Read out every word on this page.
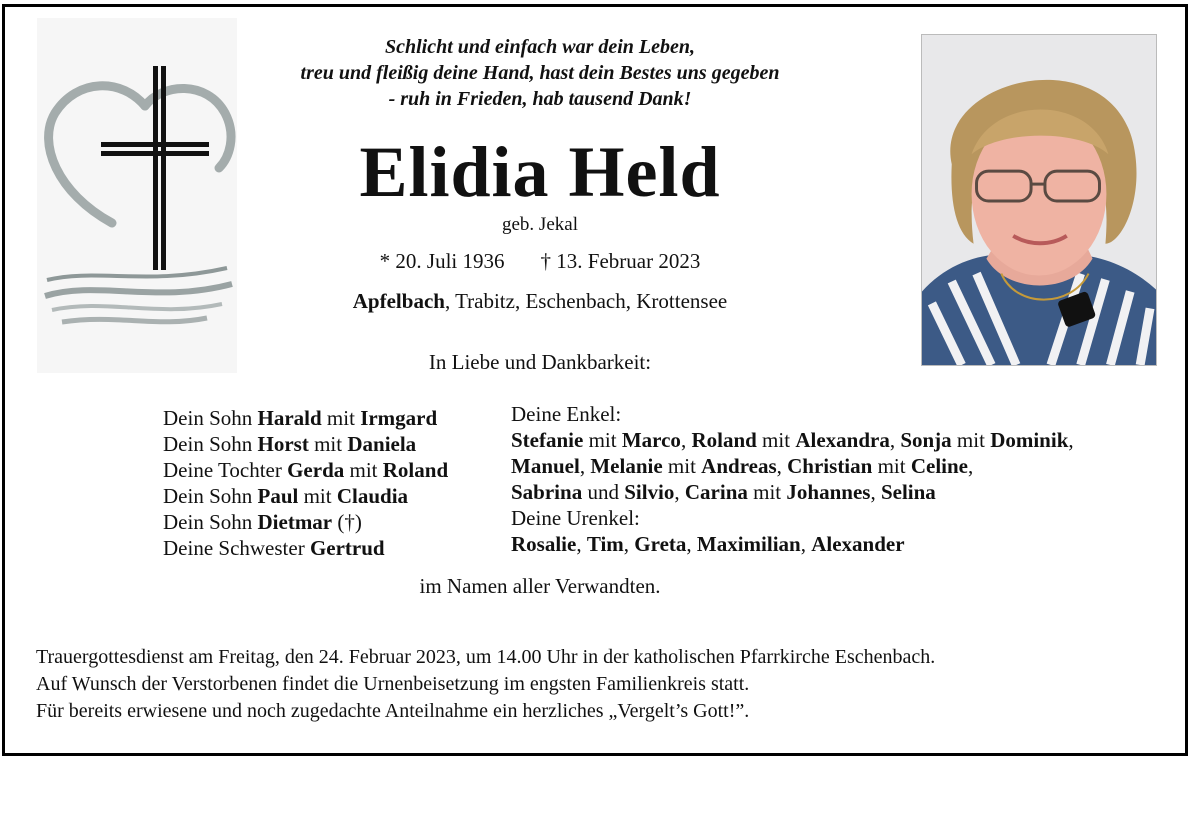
Schlicht und einfach war dein Leben,
treu und fleißig deine Hand, hast dein Bestes uns gegeben
- ruh in Frieden, hab tausend Dank!
Elidia Held
geb. Jekal
* 20. Juli 1936 † 13. Februar 2023
Apfelbach, Trabitz, Eschenbach, Krottensee
In Liebe und Dankbarkeit:
Dein Sohn Harald mit Irmgard
Dein Sohn Horst mit Daniela
Deine Tochter Gerda mit Roland
Dein Sohn Paul mit Claudia
Dein Sohn Dietmar (†)
Deine Schwester Gertrud
Deine Enkel:
Stefanie mit Marco, Roland mit Alexandra, Sonja mit Dominik,
Manuel, Melanie mit Andreas, Christian mit Celine,
Sabrina und Silvio, Carina mit Johannes, Selina
Deine Urenkel:
Rosalie, Tim, Greta, Maximilian, Alexander
im Namen aller Verwandten.
Trauergottesdienst am Freitag, den 24. Februar 2023, um 14.00 Uhr in der katholischen Pfarrkirche Eschenbach.
Auf Wunsch der Verstorbenen findet die Urnenbeisetzung im engsten Familienkreis statt.
Für bereits erwiesene und noch zugedachte Anteilnahme ein herzliches „Vergelt’s Gott!”.
